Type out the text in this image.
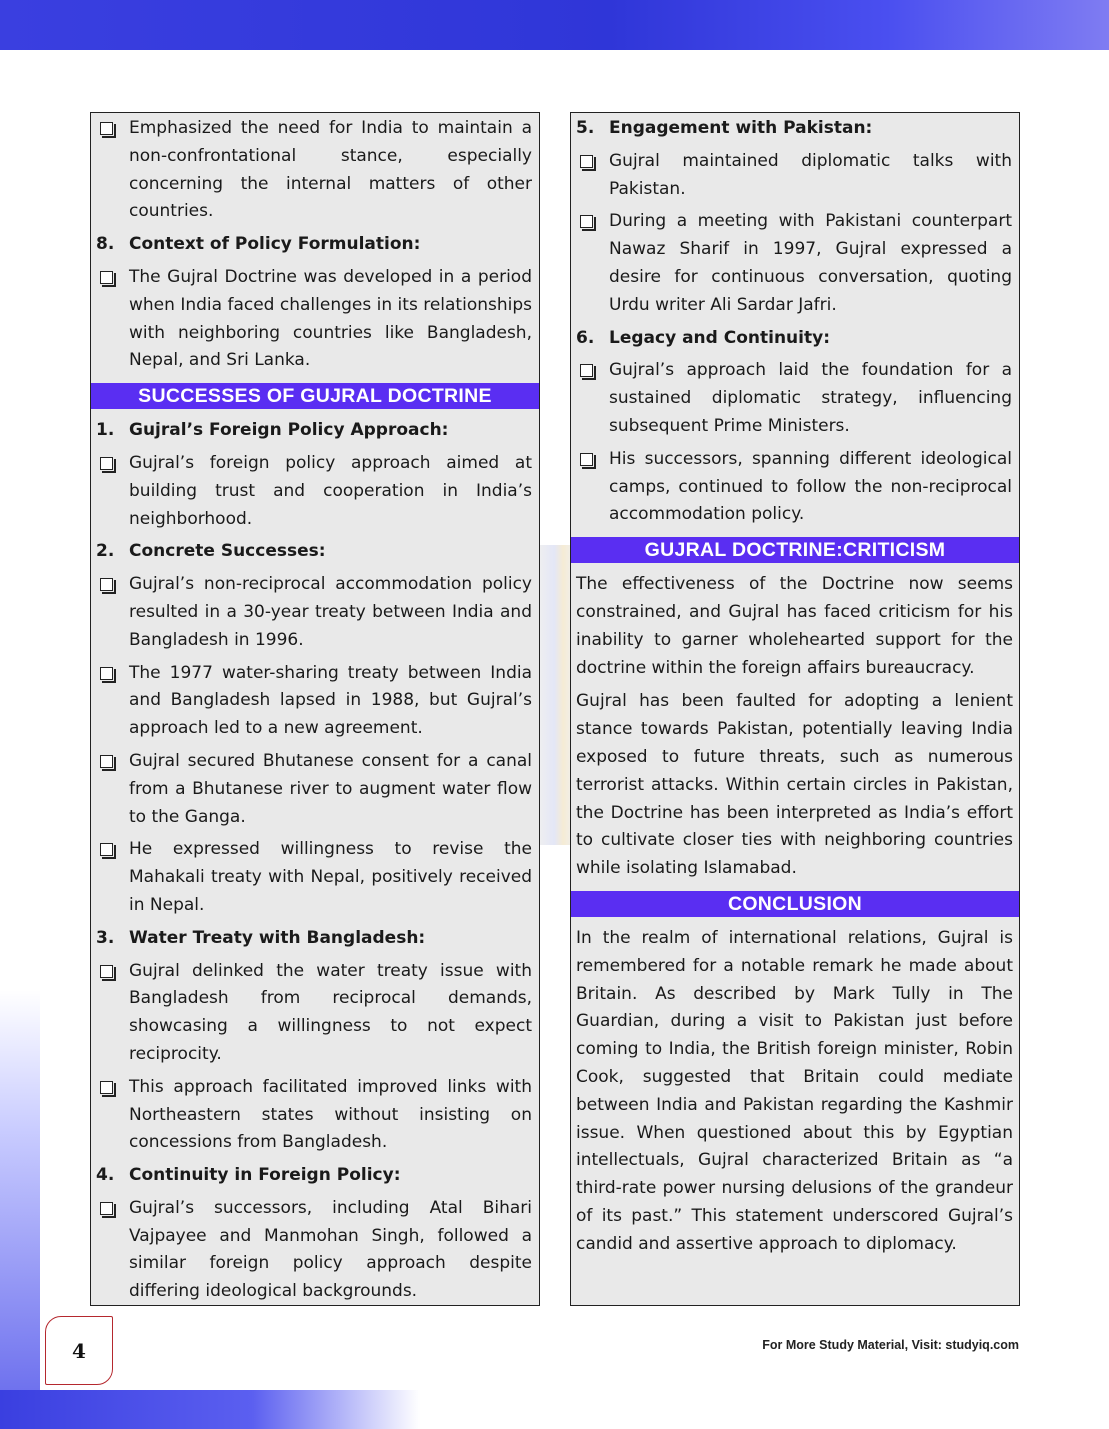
Emphasized the need for India to maintain a non-confrontational stance, especially concerning the internal matters of other countries.
8. Context of Policy Formulation:
The Gujral Doctrine was developed in a period when India faced challenges in its relationships with neighboring countries like Bangladesh, Nepal, and Sri Lanka.
SUCCESSES OF GUJRAL DOCTRINE
1. Gujral’s Foreign Policy Approach:
Gujral’s foreign policy approach aimed at building trust and cooperation in India’s neighborhood.
2. Concrete Successes:
Gujral’s non-reciprocal accommodation policy resulted in a 30-year treaty between India and Bangladesh in 1996.
The 1977 water-sharing treaty between India and Bangladesh lapsed in 1988, but Gujral’s approach led to a new agreement.
Gujral secured Bhutanese consent for a canal from a Bhutanese river to augment water flow to the Ganga.
He expressed willingness to revise the Mahakali treaty with Nepal, positively received in Nepal.
3. Water Treaty with Bangladesh:
Gujral delinked the water treaty issue with Bangladesh from reciprocal demands, showcasing a willingness to not expect reciprocity.
This approach facilitated improved links with Northeastern states without insisting on concessions from Bangladesh.
4. Continuity in Foreign Policy:
Gujral’s successors, including Atal Bihari Vajpayee and Manmohan Singh, followed a similar foreign policy approach despite differing ideological backgrounds.
5. Engagement with Pakistan:
Gujral maintained diplomatic talks with Pakistan.
During a meeting with Pakistani counterpart Nawaz Sharif in 1997, Gujral expressed a desire for continuous conversation, quoting Urdu writer Ali Sardar Jafri.
6. Legacy and Continuity:
Gujral’s approach laid the foundation for a sustained diplomatic strategy, influencing subsequent Prime Ministers.
His successors, spanning different ideological camps, continued to follow the non-reciprocal accommodation policy.
GUJRAL DOCTRINE:CRITICISM
The effectiveness of the Doctrine now seems constrained, and Gujral has faced criticism for his inability to garner wholehearted support for the doctrine within the foreign affairs bureaucracy.
Gujral has been faulted for adopting a lenient stance towards Pakistan, potentially leaving India exposed to future threats, such as numerous terrorist attacks. Within certain circles in Pakistan, the Doctrine has been interpreted as India’s effort to cultivate closer ties with neighboring countries while isolating Islamabad.
CONCLUSION
In the realm of international relations, Gujral is remembered for a notable remark he made about Britain. As described by Mark Tully in The Guardian, during a visit to Pakistan just before coming to India, the British foreign minister, Robin Cook, suggested that Britain could mediate between India and Pakistan regarding the Kashmir issue. When questioned about this by Egyptian intellectuals, Gujral characterized Britain as “a third-rate power nursing delusions of the grandeur of its past.” This statement underscored Gujral’s candid and assertive approach to diplomacy.
4	For More Study Material, Visit: studyiq.com
